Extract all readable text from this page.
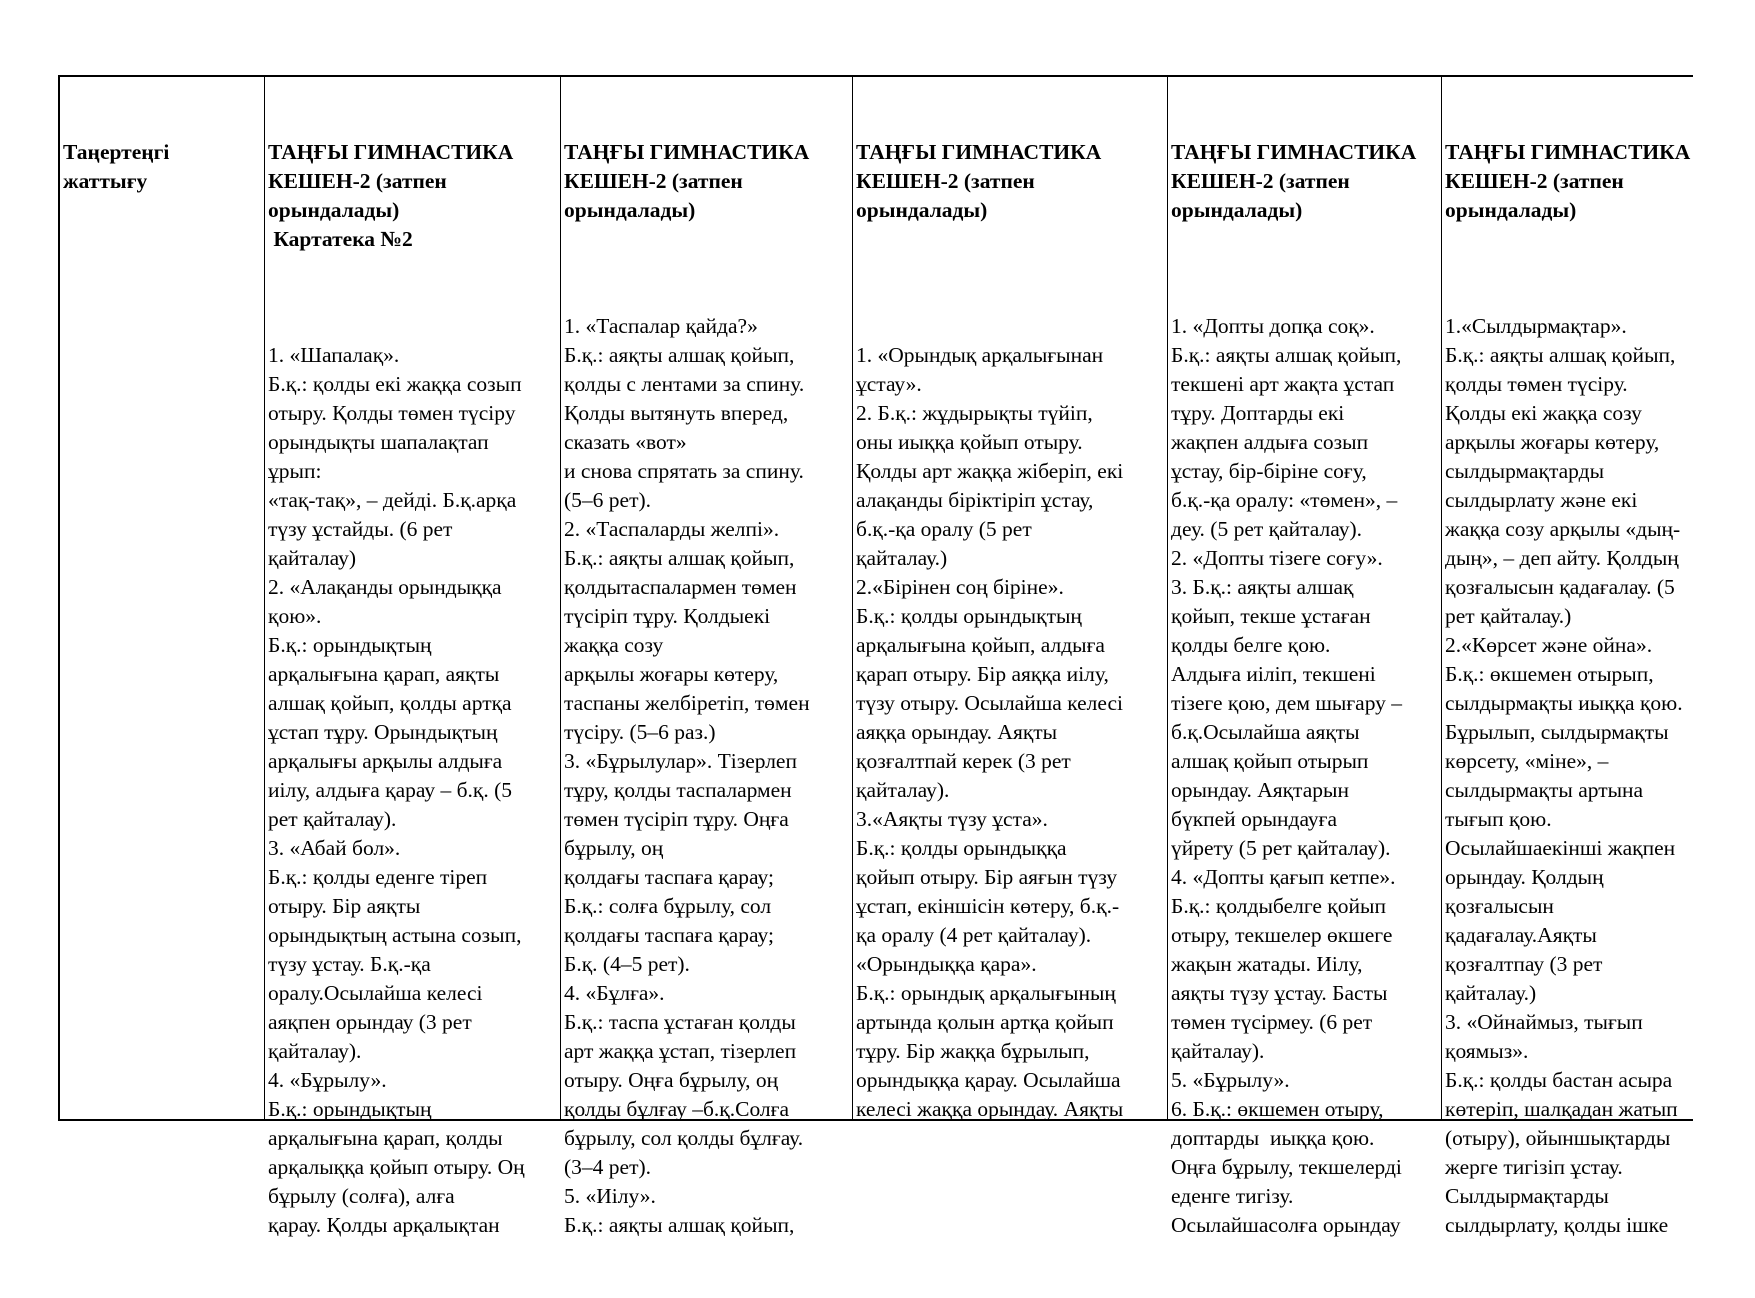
Таңертеңгі
жаттығу

ТАҢҒЫ ГИМНАСТИКА
КЕШЕН-2 (затпен
орындалады)
Картатека №2

1. «Шапалақ».
Б.қ.: қолды екі жаққа созып
отыру. Қолды төмен түсіру
орындықты шапалақтап
ұрып:
«тақ-тақ», – дейді. Б.қ.арқа
түзу ұстайды. (6 рет
қайталау)
2. «Алақанды орындыққа
қою».
Б.қ.: орындықтың
арқалығына қарап, аяқты
алшақ қойып, қолды артқа
ұстап тұру. Орындықтың
арқалығы арқылы алдыға
иілу, алдыға қарау – б.қ. (5
рет қайталау).
3. «Абай бол».
Б.қ.: қолды еденге тіреп
отыру. Бір аяқты
орындықтың астына созып,
түзу ұстау. Б.қ.-қа
оралу.Осылайша келесі
аяқпен орындау (3 рет
қайталау).
4. «Бұрылу».
Б.қ.: орындықтың
арқалығына қарап, қолды
арқалыққа қойып отыру. Оң
бұрылу (солға), алға
қарау. Қолды арқалықтан

ТАҢҒЫ ГИМНАСТИКА
КЕШЕН-2 (затпен
орындалады)

1. «Таспалар қайда?»
Б.қ.: аяқты алшақ қойып,
қолды с лентами за спину.
Қолды вытянуть вперед,
сказать «вот»
и снова спрятать за спину.
(5–6 рет).
2. «Таспаларды желпі».
Б.қ.: аяқты алшақ қойып,
қолдытаспалармен төмен
түсіріп тұру. Қолдыекі
жаққа созу
арқылы жоғары көтеру,
таспаны желбіретіп, төмен
түсіру. (5–6 раз.)
3. «Бұрылулар». Тізерлеп
тұру, қолды таспалармен
төмен түсіріп тұру. Оңға
бұрылу, оң
қолдағы таспаға қарау;
Б.қ.: солға бұрылу, сол
қолдағы таспаға қарау;
Б.қ. (4–5 рет).
4. «Бұлға».
Б.қ.: таспа ұстаған қолды
арт жаққа ұстап, тізерлеп
отыру. Оңға бұрылу, оң
қолды бұлғау –б.қ.Солға
бұрылу, сол қолды бұлғау.
(3–4 рет).
5. «Иілу».
Б.қ.: аяқты алшақ қойып,

ТАҢҒЫ ГИМНАСТИКА
КЕШЕН-2 (затпен
орындалады)

1. «Орындық арқалығынан
ұстау».
2. Б.қ.: жұдырықты түйіп,
оны иыққа қойып отыру.
Қолды арт жаққа жіберіп, екі
алақанды біріктіріп ұстау,
б.қ.-қа оралу (5 рет
қайталау.)
2.«Бірінен соң біріне».
Б.қ.: қолды орындықтың
арқалығына қойып, алдыға
қарап отыру. Бір аяққа иілу,
түзу отыру. Осылайша келесі
аяққа орындау. Аяқты
қозғалтпай керек (3 рет
қайталау).
3.«Аяқты түзу ұста».
Б.қ.: қолды орындыққа
қойып отыру. Бір аяғын түзу
ұстап, екіншісін көтеру, б.қ.-
қа оралу (4 рет қайталау).
«Орындыққа қара».
Б.қ.: орындық арқалығының
артында қолын артқа қойып
тұру. Бір жаққа бұрылып,
орындыққа қарау. Осылайша
келесі жаққа орындау. Аяқты

ТАҢҒЫ ГИМНАСТИКА
КЕШЕН-2 (затпен
орындалады)

1. «Допты допқа соқ».
Б.қ.: аяқты алшақ қойып,
текшені арт жақта ұстап
тұру. Доптарды екі
жақпен алдыға созып
ұстау, бір-біріне соғу,
б.қ.-қа оралу: «төмен», –
деу. (5 рет қайталау).
2. «Допты тізеге соғу».
3. Б.қ.: аяқты алшақ
қойып, текше ұстаған
қолды белге қою.
Алдыға иіліп, текшені
тізеге қою, дем шығару –
б.қ.Осылайша аяқты
алшақ қойып отырып
орындау. Аяқтарын
бүкпей орындауға
үйрету (5 рет қайталау).
4. «Допты қағып кетпе».
Б.қ.: қолдыбелге қойып
отыру, текшелер өкшеге
жақын жатады. Иілу,
аяқты түзу ұстау. Басты
төмен түсірмеу. (6 рет
қайталау).
5. «Бұрылу».
6. Б.қ.: өкшемен отыру,
доптарды  иыққа қою.
Оңға бұрылу, текшелерді
еденге тигізу.
Осылайшасолға орындау

ТАҢҒЫ ГИМНАСТИКА
КЕШЕН-2 (затпен
орындалады)

1.«Сылдырмақтар».
Б.қ.: аяқты алшақ қойып,
қолды төмен түсіру.
Қолды екі жаққа созу
арқылы жоғары көтеру,
сылдырмақтарды
сылдырлату және екі
жаққа созу арқылы «дың-
дың», – деп айту. Қолдың
қозғалысын қадағалау. (5
рет қайталау.)
2.«Көрсет және ойна».
Б.қ.: өкшемен отырып,
сылдырмақты иыққа қою.
Бұрылып, сылдырмақты
көрсету, «міне», –
сылдырмақты артына
тығып қою.
Осылайшаекінші жақпен
орындау. Қолдың
қозғалысын
қадағалау.Аяқты
қозғалтпау (3 рет
қайталау.)
3. «Ойнаймыз, тығып
қоямыз».
Б.қ.: қолды бастан асыра
көтеріп, шалқадан жатып
(отыру), ойыншықтарды
жерге тигізіп ұстау.
Сылдырмақтарды
сылдырлату, қолды ішке
